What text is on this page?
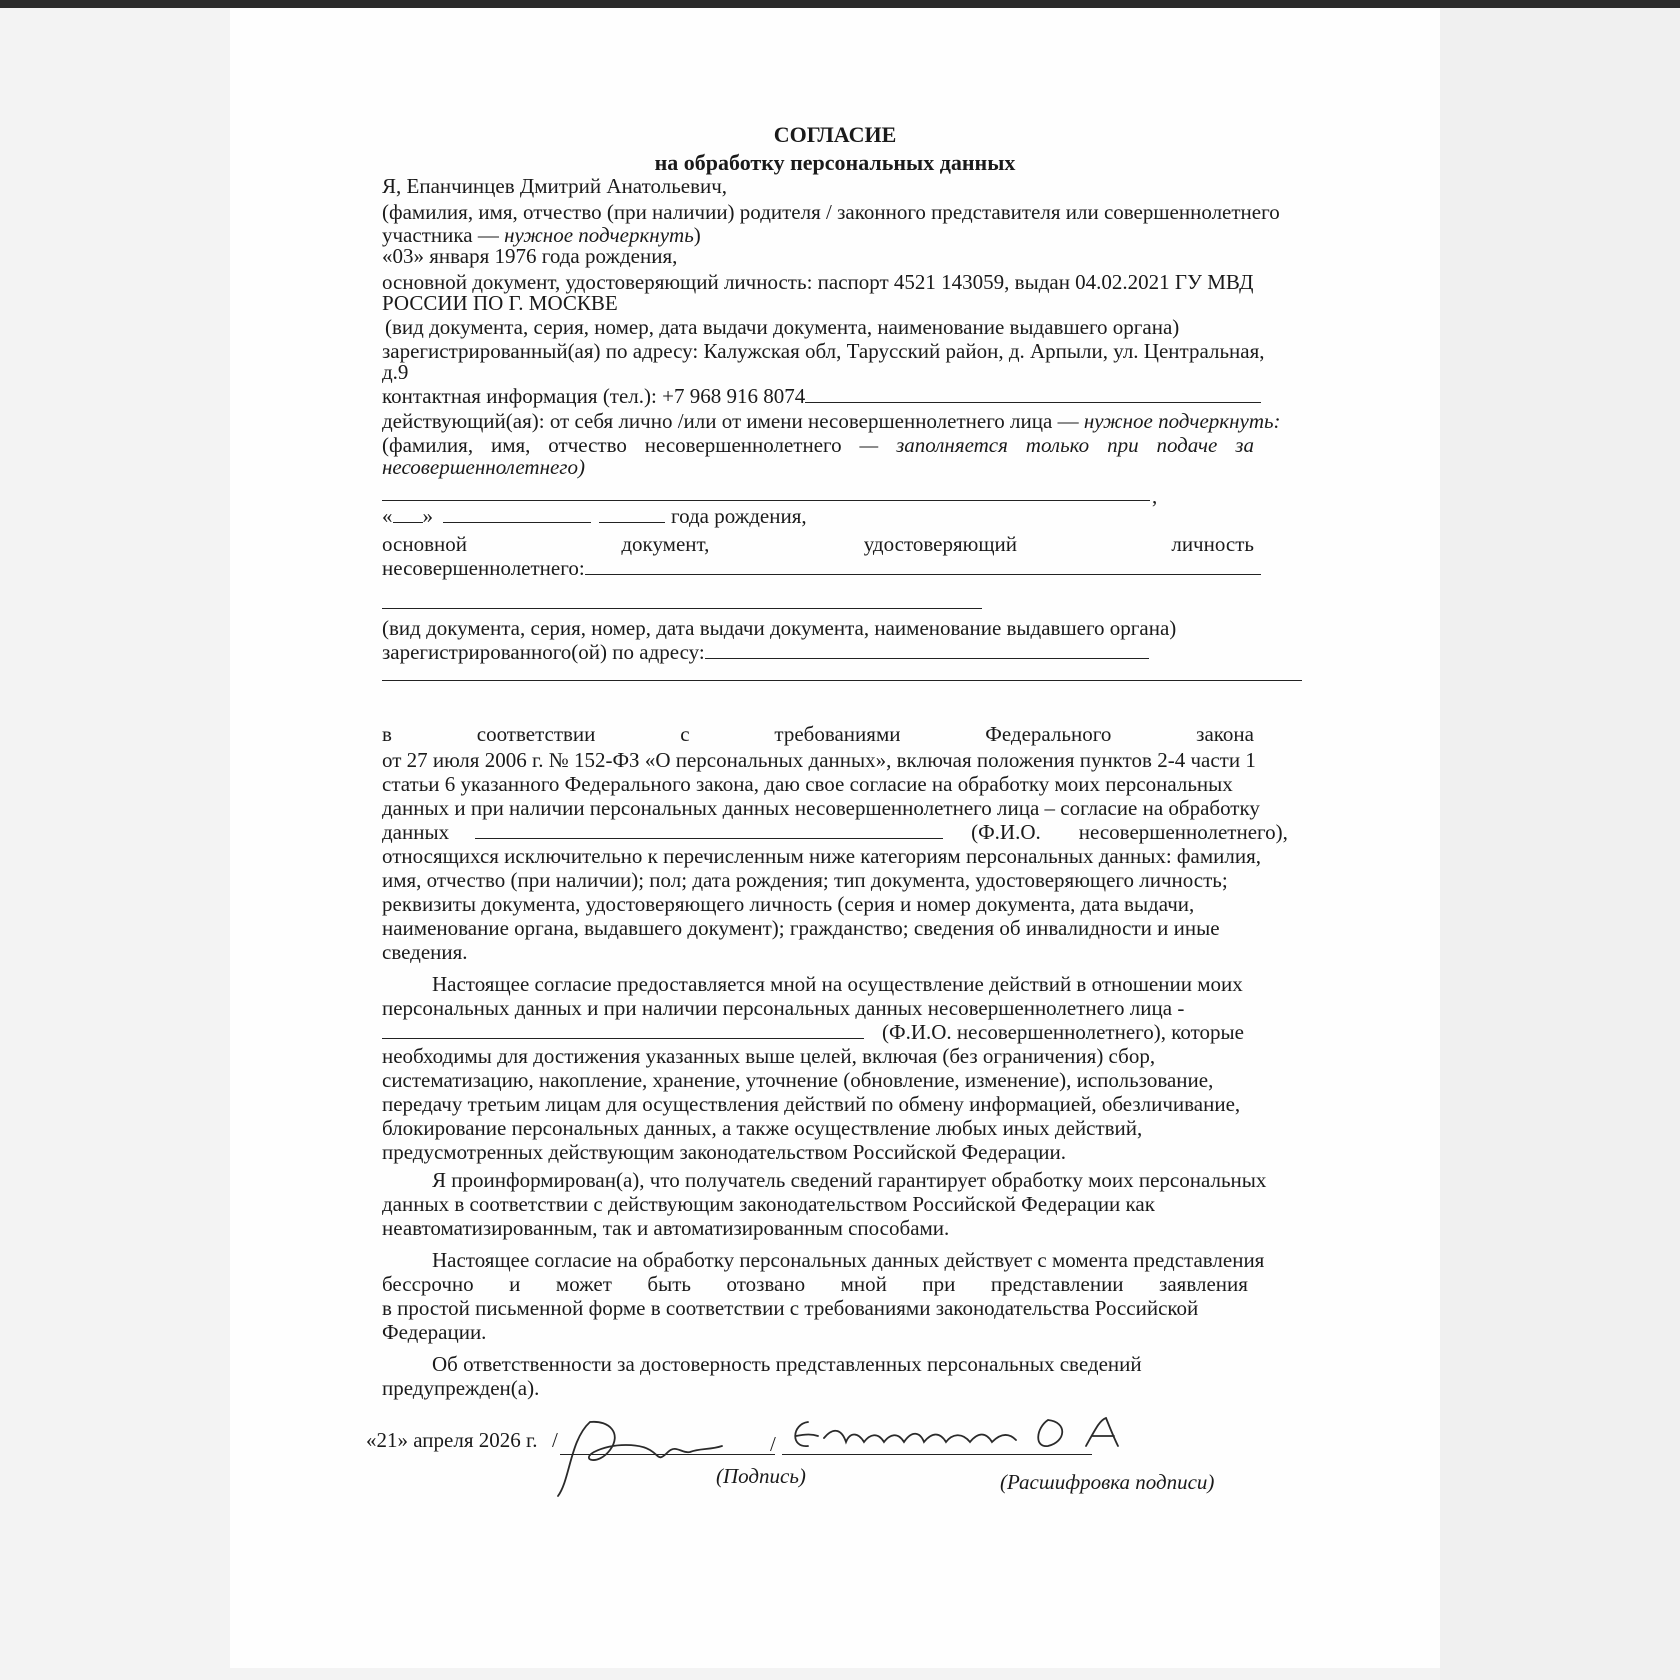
СОГЛАСИЕ
на обработку персональных данных
Я, Епанчинцев Дмитрий Анатольевич,
(фамилия, имя, отчество (при наличии) родителя / законного представителя или совершеннолетнего
участника — нужное подчеркнуть)
«03» января 1976 года рождения,
основной документ, удостоверяющий личность: паспорт 4521 143059, выдан 04.02.2021 ГУ МВД
РОССИИ ПО Г. МОСКВЕ
(вид документа, серия, номер, дата выдачи документа, наименование выдавшего органа)
зарегистрированный(ая) по адресу: Калужская обл, Тарусский район, д. Арпыли, ул. Центральная,
д.9
контактная информация (тел.): +7 968 916 8074
действующий(ая): от себя лично /или от имени несовершеннолетнего лица — нужное подчеркнуть:
(фамилия, имя, отчество несовершеннолетнего — заполняется только при подаче за
несовершеннолетнего)
,
« »	года рождения,
основной	документ,	удостоверяющий	личность
несовершеннолетнего:
(вид документа, серия, номер, дата выдачи документа, наименование выдавшего органа)
зарегистрированного(ой) по адресу:
в	соответствии	с	требованиями	Федерального	закона
от 27 июля 2006 г. № 152-ФЗ «О персональных данных», включая положения пунктов 2-4 части 1
статьи 6 указанного Федерального закона, даю свое согласие на обработку моих персональных
данных и при наличии персональных данных несовершеннолетнего лица – согласие на обработку
данных	(Ф.И.О. несовершеннолетнего),
относящихся исключительно к перечисленным ниже категориям персональных данных: фамилия,
имя, отчество (при наличии); пол; дата рождения; тип документа, удостоверяющего личность;
реквизиты документа, удостоверяющего личность (серия и номер документа, дата выдачи,
наименование органа, выдавшего документ); гражданство; сведения об инвалидности и иные
сведения.
Настоящее согласие предоставляется мной на осуществление действий в отношении моих
персональных данных и при наличии персональных данных несовершеннолетнего лица -
(Ф.И.О. несовершеннолетнего), которые
необходимы для достижения указанных выше целей, включая (без ограничения) сбор,
систематизацию, накопление, хранение, уточнение (обновление, изменение), использование,
передачу третьим лицам для осуществления действий по обмену информацией, обезличивание,
блокирование персональных данных, а также осуществление любых иных действий,
предусмотренных действующим законодательством Российской Федерации.
Я проинформирован(а), что получатель сведений гарантирует обработку моих персональных
данных в соответствии с действующим законодательством Российской Федерации как
неавтоматизированным, так и автоматизированным способами.
Настоящее согласие на обработку персональных данных действует с момента представления
бессрочно и может быть отозвано мной при представлении заявления
в простой письменной форме в соответствии с требованиями законодательства Российской
Федерации.
Об ответственности за достоверность представленных персональных сведений
предупрежден(а).
«21» апреля 2026 г. /	/
(Подпись)	(Расшифровка подписи)
